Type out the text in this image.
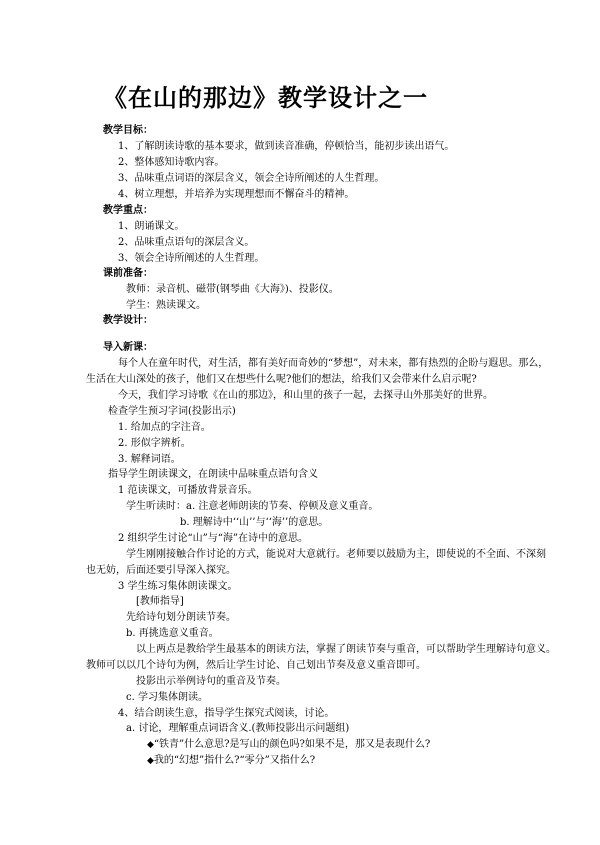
《在山的那边》教学设计之一
教学目标：
1、了解朗读诗歌的基本要求，做到读音准确，停顿恰当，能初步读出语气。
2、整体感知诗歌内容。
3、品味重点词语的深层含义，领会全诗所阐述的人生哲理。
4、树立理想，并培养为实现理想而不懈奋斗的精神。
教学重点：
1、朗诵课文。
2、品味重点语句的深层含义。
3、领会全诗所阐述的人生哲理。
课前准备：
教师：录音机、磁带(钢琴曲《大海》)、投影仪。
学生：熟读课文。
教学设计：
导入新课：
每个人在童年时代，对生活，都有美好而奇妙的“梦想”，对未来，都有热烈的企盼与遐思。那么，
生活在大山深处的孩子，他们又在想些什么呢?他们的想法，给我们又会带来什么启示呢?
今天，我们学习诗歌《在山的那边》，和山里的孩子一起，去探寻山外那美好的世界。
检查学生预习字词(投影出示)
1. 给加点的字注音。
2. 形似字辨析。
3. 解释词语。
指导学生朗读课文，在朗读中品味重点语句含义
1 范读课文，可播放背景音乐。
学生听读时：a. 注意老师朗读的节奏、停顿及意义重音。
b. 理解诗中‘‘山’’与‘‘海’’的意思。
2 组织学生讨论“山”与“海”在诗中的意思。
学生刚刚接触合作讨论的方式，能说对大意就行。老师要以鼓励为主，即使说的不全面、不深刻
也无妨，后面还要引导深入探究。
3 学生练习集体朗读课文。
[教师指导]
先给诗句划分朗读节奏。
b. 再挑选意义重音。
以上两点是教给学生最基本的朗读方法，掌握了朗读节奏与重音，可以帮助学生理解诗句意义。
教师可以以几个诗句为例，然后让学生讨论、自己划出节奏及意义重音即可。
投影出示举例诗句的重音及节奏。
c. 学习集体朗读。
4、结合朗读生意，指导学生探究式阅读，讨论。
a. 讨论，理解重点词语含义.(教师投影出示问题组)
◆“铁青”什么意思?是写山的颜色吗?如果不是，那又是表现什么?
◆我的“幻想”指什么?“零分”又指什么?
